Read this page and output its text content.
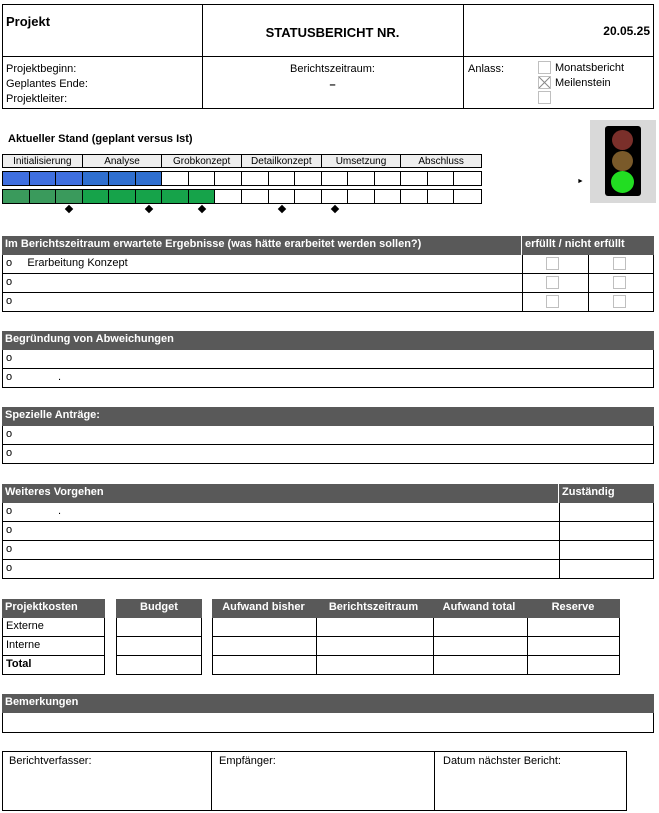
Projekt
STATUSBERICHT NR.	20.05.25
Projektbeginn:
Geplantes Ende:
Projektleiter:
Berichtszeitraum:
–
Anlass:	Monatsbericht
Meilenstein
Aktueller Stand (geplant versus Ist)
Initialisierung	Analyse	Grobkonzept	Detailkonzept	Umsetzung	Abschluss
►
Im Berichtszeitraum erwartete Ergebnisse (was hätte erarbeitet werden sollen?)	erfüllt / nicht erfüllt
o     Erarbeitung Konzept
o
o
Begründung von Abweichungen
o
o               .
Spezielle Anträge:
o
o
Weiteres Vorgehen	Zuständig
o               .
o
o
o
Projektkosten	Budget	Aufwand bisher	Berichtszeitraum	Aufwand total	Reserve
Externe
Interne
Total
Bemerkungen
Berichtverfasser:	Empfänger:	Datum nächster Bericht:
